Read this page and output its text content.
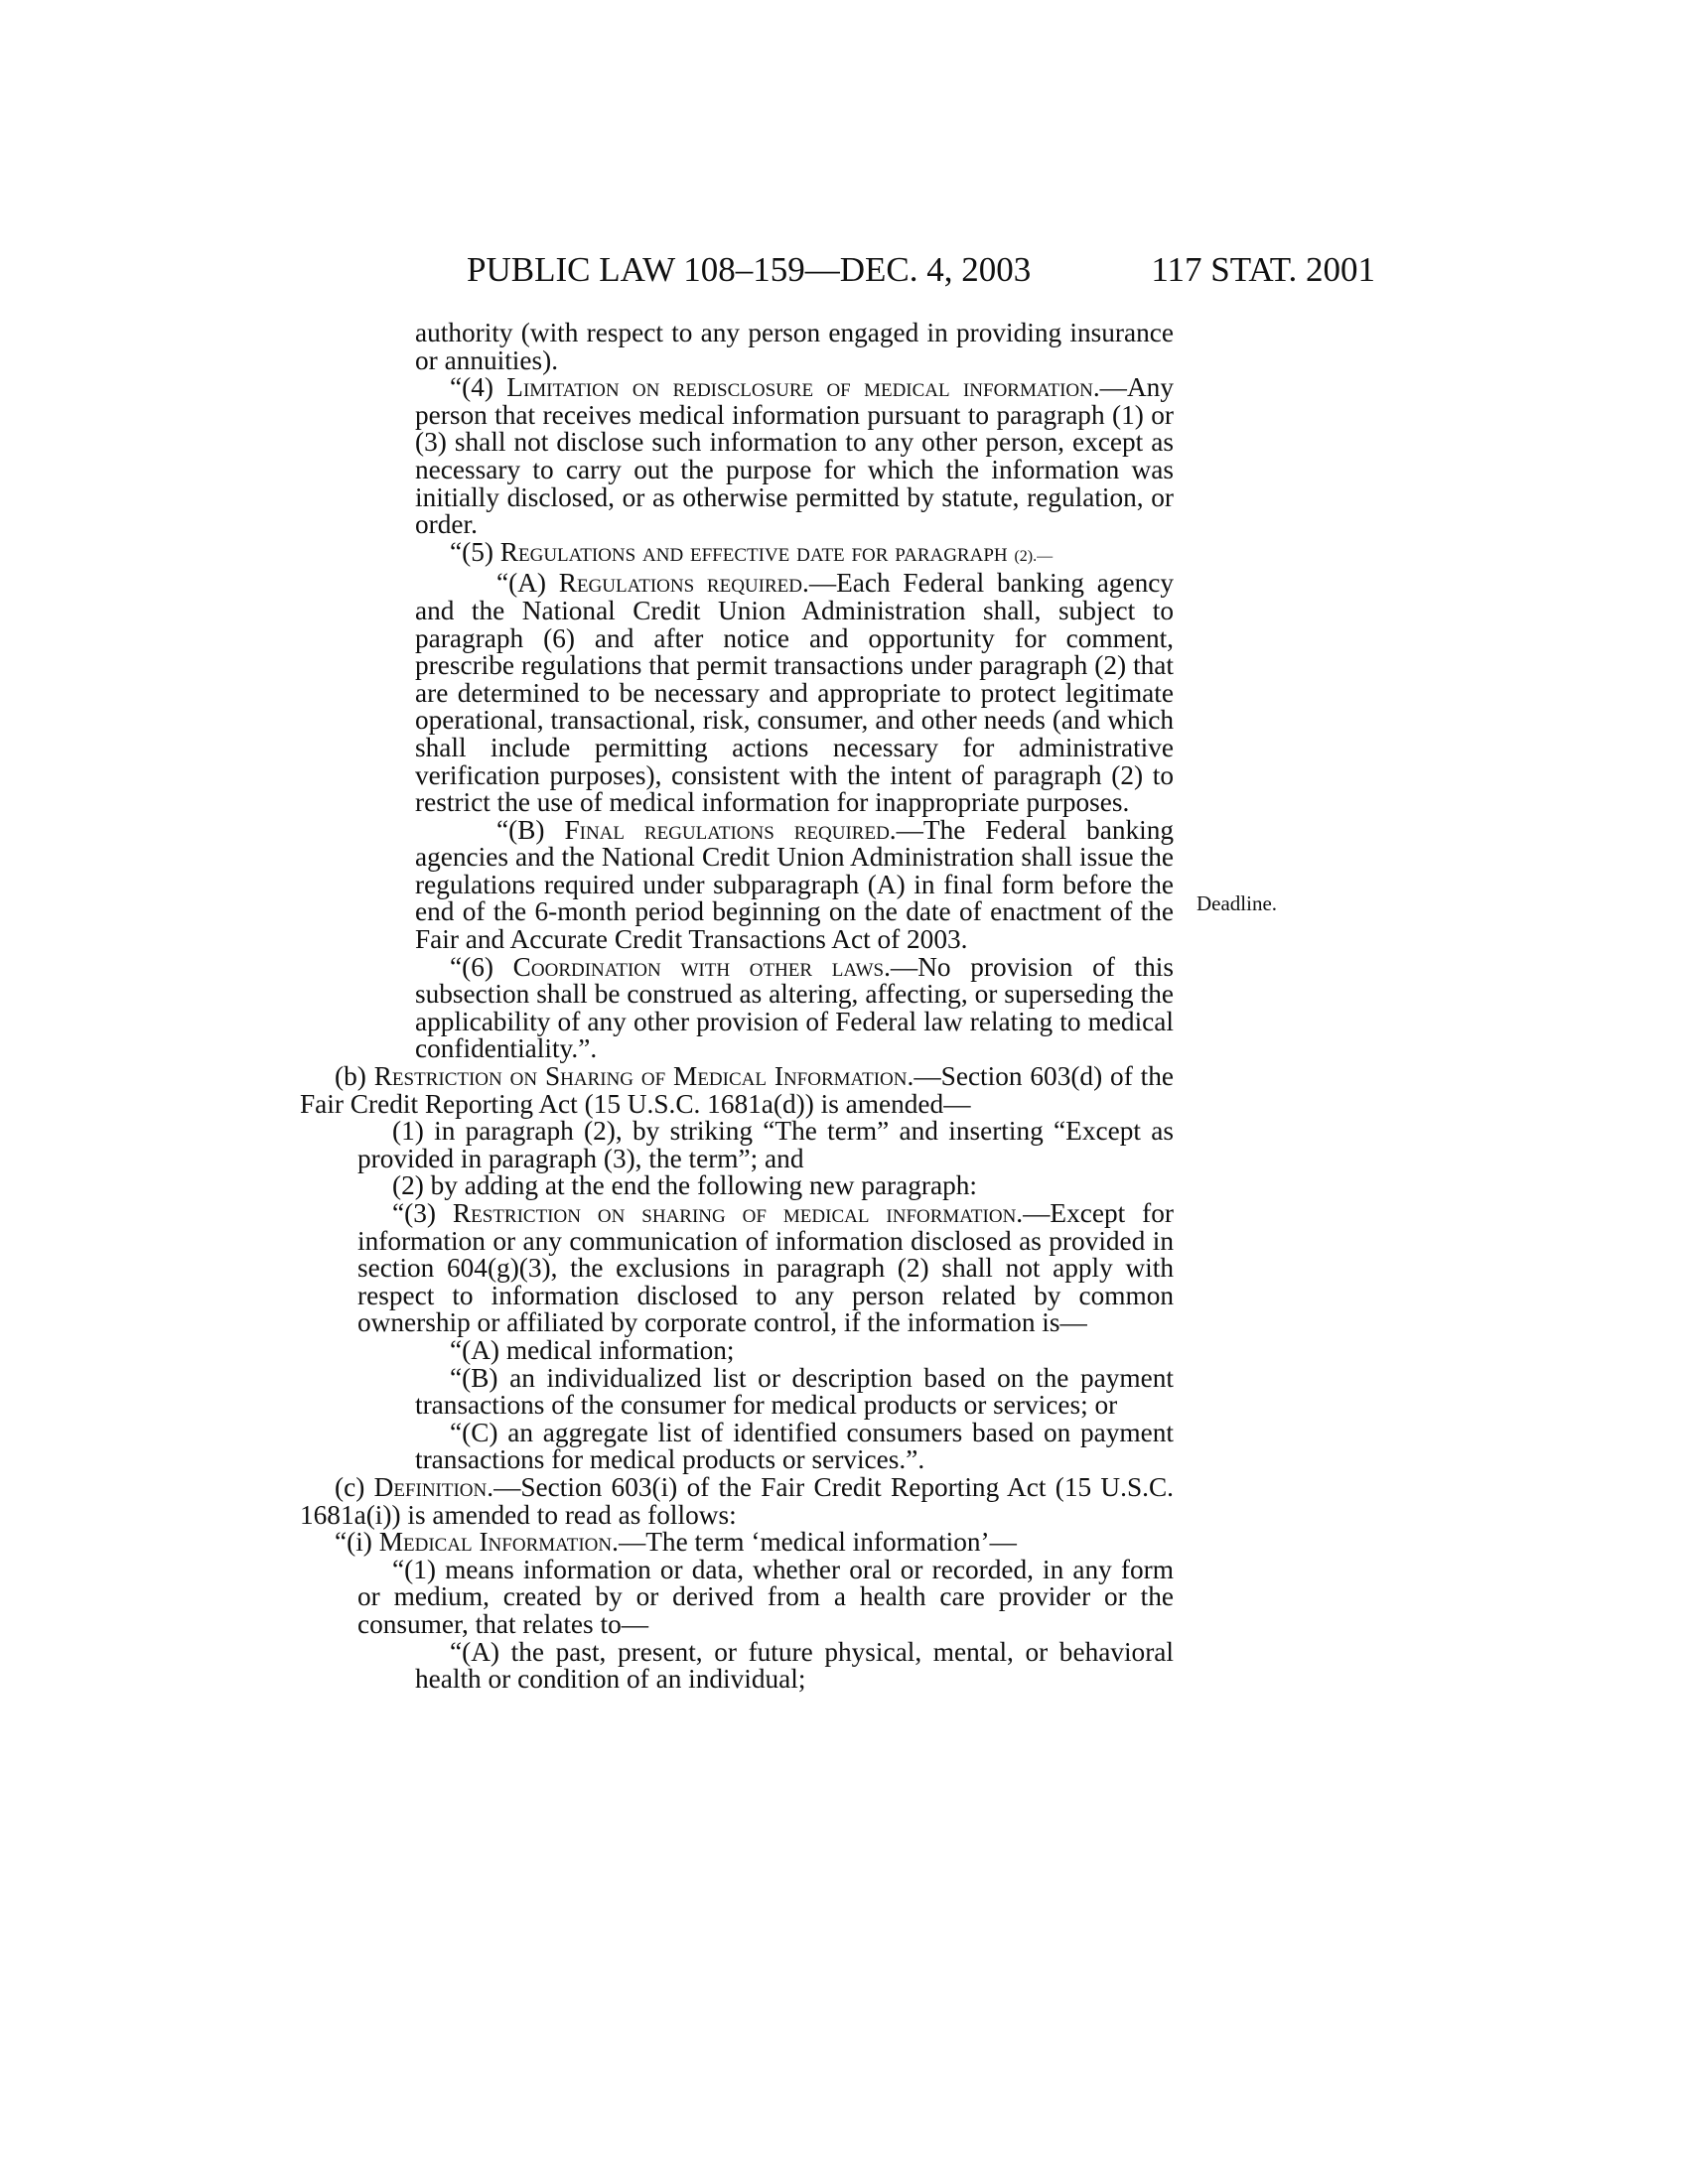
PUBLIC LAW 108–159—DEC. 4, 2003	117 STAT. 2001
Deadline.

authority (with respect to any person engaged in providing insurance or annuities).

“(4) Limitation on redisclosure of medical information.—Any person that receives medical information pursuant to paragraph (1) or (3) shall not disclose such information to any other person, except as necessary to carry out the purpose for which the information was initially disclosed, or as otherwise permitted by statute, regulation, or order.

“(5) Regulations and effective date for paragraph (2).—

“(A) Regulations required.—Each Federal banking agency and the National Credit Union Administration shall, subject to paragraph (6) and after notice and opportunity for comment, prescribe regulations that permit transactions under paragraph (2) that are determined to be necessary and appropriate to protect legitimate operational, transactional, risk, consumer, and other needs (and which shall include permitting actions necessary for administrative verification purposes), consistent with the intent of paragraph (2) to restrict the use of medical information for inappropriate purposes.

“(B) Final regulations required.—The Federal banking agencies and the National Credit Union Administration shall issue the regulations required under subparagraph (A) in final form before the end of the 6-month period beginning on the date of enactment of the Fair and Accurate Credit Transactions Act of 2003.

“(6) Coordination with other laws.—No provision of this subsection shall be construed as altering, affecting, or superseding the applicability of any other provision of Federal law relating to medical confidentiality.”.

(b) Restriction on Sharing of Medical Information.—Section 603(d) of the Fair Credit Reporting Act (15 U.S.C. 1681a(d)) is amended—

(1) in paragraph (2), by striking “The term” and inserting “Except as provided in paragraph (3), the term”; and

(2) by adding at the end the following new paragraph:

“(3) Restriction on sharing of medical information.—Except for information or any communication of information disclosed as provided in section 604(g)(3), the exclusions in paragraph (2) shall not apply with respect to information disclosed to any person related by common ownership or affiliated by corporate control, if the information is—

“(A) medical information;

“(B) an individualized list or description based on the payment transactions of the consumer for medical products or services; or

“(C) an aggregate list of identified consumers based on payment transactions for medical products or services.”.

(c) Definition.—Section 603(i) of the Fair Credit Reporting Act (15 U.S.C. 1681a(i)) is amended to read as follows:

“(i) Medical Information.—The term ‘medical information’—

“(1) means information or data, whether oral or recorded, in any form or medium, created by or derived from a health care provider or the consumer, that relates to—

“(A) the past, present, or future physical, mental, or behavioral health or condition of an individual;
